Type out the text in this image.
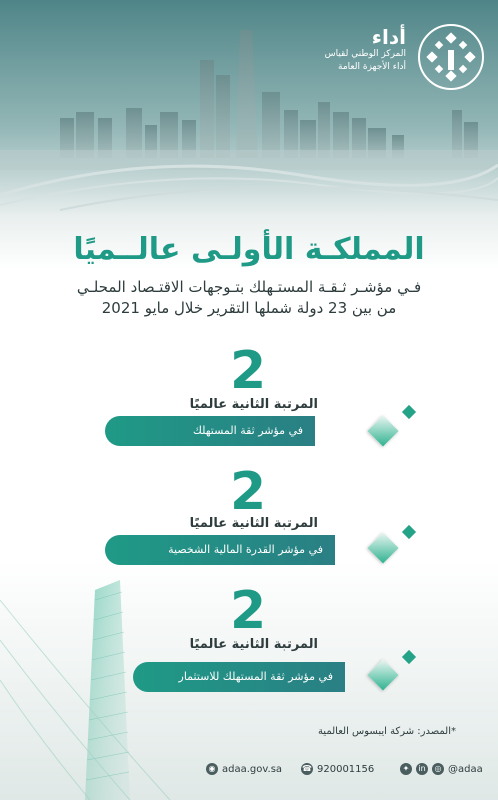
أداء
المركز الوطني لقياس
أداء الأجهزة العامة
المملكـة الأولـى عالــميًا
فـي مؤشـر ثـقـة المستـهلك بتـوجهات الاقتـصاد المحلـي
من بين 23 دولة شملها التقرير خلال مايو 2021
2
المرتبة الثانية عالميًا
في مؤشر ثقة المستهلك
2
المرتبة الثانية عالميًا
في مؤشر القدرة المالية الشخصية
2
المرتبة الثانية عالميًا
في مؤشر ثقة المستهلك للاستثمار
*المصدر: شركة ايبسوس العالمية
◉ adaa.gov.sa ☎ 920001156	✦	in	◎ @adaa
